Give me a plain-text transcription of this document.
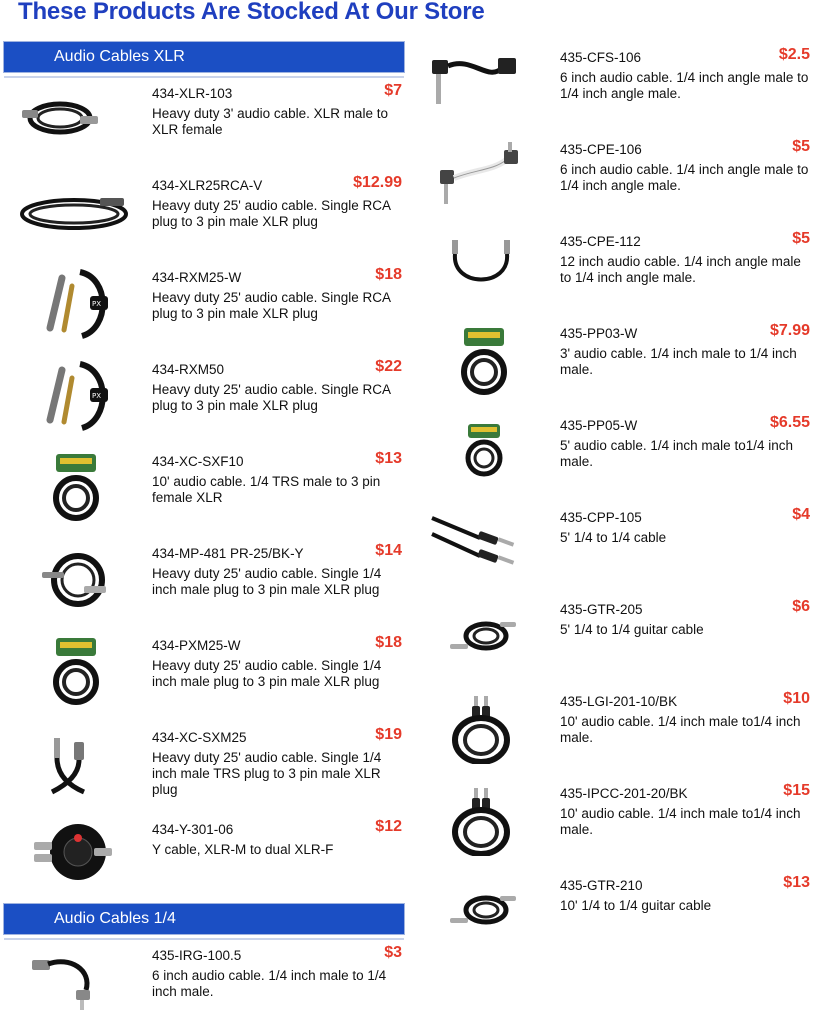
These Products Are Stocked At Our Store
Audio Cables XLR
Audio Cables 1/4
434-XLR-103	$7
Heavy duty 3' audio cable. XLR male to XLR female
434-XLR25RCA-V	$12.99
Heavy duty 25' audio cable. Single RCA plug to 3 pin male XLR plug
434-RXM25-W	$18
Heavy duty 25' audio cable. Single RCA plug to 3 pin male XLR plug
434-RXM50	$22
Heavy duty 25' audio cable. Single RCA plug to 3 pin male XLR plug
434-XC-SXF10	$13
10' audio cable. 1/4 TRS male to 3 pin female XLR
434-MP-481 PR-25/BK-Y	$14
Heavy duty 25' audio cable. Single 1/4 inch male plug to 3 pin male XLR plug
434-PXM25-W	$18
Heavy duty 25' audio cable. Single 1/4 inch male plug to 3 pin male XLR plug
434-XC-SXM25	$19
Heavy duty 25' audio cable. Single 1/4 inch male TRS plug to 3 pin male XLR plug
434-Y-301-06	$12
Y cable, XLR-M to dual XLR-F
435-IRG-100.5	$3
6 inch audio cable. 1/4 inch male to 1/4 inch male.
435-CFS-106	$2.5
6 inch audio cable. 1/4 inch angle male to 1/4 inch angle male.
435-CPE-106	$5
6 inch audio cable. 1/4 inch angle male to 1/4 inch angle male.
435-CPE-112	$5
12 inch audio cable. 1/4 inch angle male to 1/4 inch angle male.
435-PP03-W	$7.99
3' audio cable. 1/4 inch male to 1/4 inch male.
435-PP05-W	$6.55
5' audio cable. 1/4 inch male to1/4 inch male.
435-CPP-105	$4
5' 1/4 to 1/4 cable
435-GTR-205	$6
5' 1/4 to 1/4 guitar cable
435-LGI-201-10/BK	$10
10' audio cable. 1/4 inch male to1/4 inch male.
435-IPCC-201-20/BK	$15
10' audio cable. 1/4 inch male to1/4 inch male.
435-GTR-210	$13
10' 1/4 to 1/4 guitar cable
PX
PX
